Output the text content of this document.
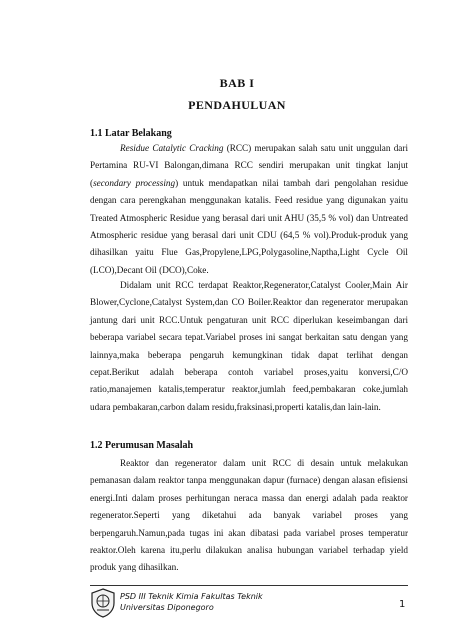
BAB I
PENDAHULUAN
1.1 Latar Belakang

Residue Catalytic Cracking (RCC) merupakan salah satu unit unggulan dari Pertamina RU-VI Balongan,dimana RCC sendiri merupakan unit tingkat lanjut (secondary processing) untuk mendapatkan nilai tambah dari pengolahan residue dengan cara perengkahan menggunakan katalis. Feed residue yang digunakan yaitu Treated Atmospheric Residue yang berasal dari unit AHU (35,5 % vol) dan Untreated Atmospheric residue yang berasal dari unit CDU (64,5 % vol).Produk-produk yang dihasilkan yaitu Flue Gas,Propylene,LPG,Polygasoline,Naptha,Light Cycle Oil (LCO),Decant Oil (DCO),Coke.

Didalam unit RCC terdapat Reaktor,Regenerator,Catalyst Cooler,Main Air Blower,Cyclone,Catalyst System,dan CO Boiler.Reaktor dan regenerator merupakan jantung dari unit RCC.Untuk pengaturan unit RCC diperlukan keseimbangan dari beberapa variabel secara tepat.Variabel proses ini sangat berkaitan satu dengan yang lainnya,maka beberapa pengaruh kemungkinan tidak dapat terlihat dengan cepat.Berikut adalah beberapa contoh variabel proses,yaitu konversi,C/O ratio,manajemen katalis,temperatur reaktor,jumlah feed,pembakaran coke,jumlah udara pembakaran,carbon dalam residu,fraksinasi,properti katalis,dan lain-lain.

1.2 Perumusan Masalah

Reaktor dan regenerator dalam unit RCC di desain untuk melakukan pemanasan dalam reaktor tanpa menggunakan dapur (furnace) dengan alasan efisiensi energi.Inti dalam proses perhitungan neraca massa dan energi adalah pada reaktor regenerator.Seperti yang diketahui ada banyak variabel proses yang berpengaruh.Namun,pada tugas ini akan dibatasi pada variabel proses temperatur reaktor.Oleh karena itu,perlu dilakukan analisa hubungan variabel terhadap yield produk yang dihasilkan.

PSD III Teknik Kimia Fakultas Teknik
Universitas Diponegoro	1
